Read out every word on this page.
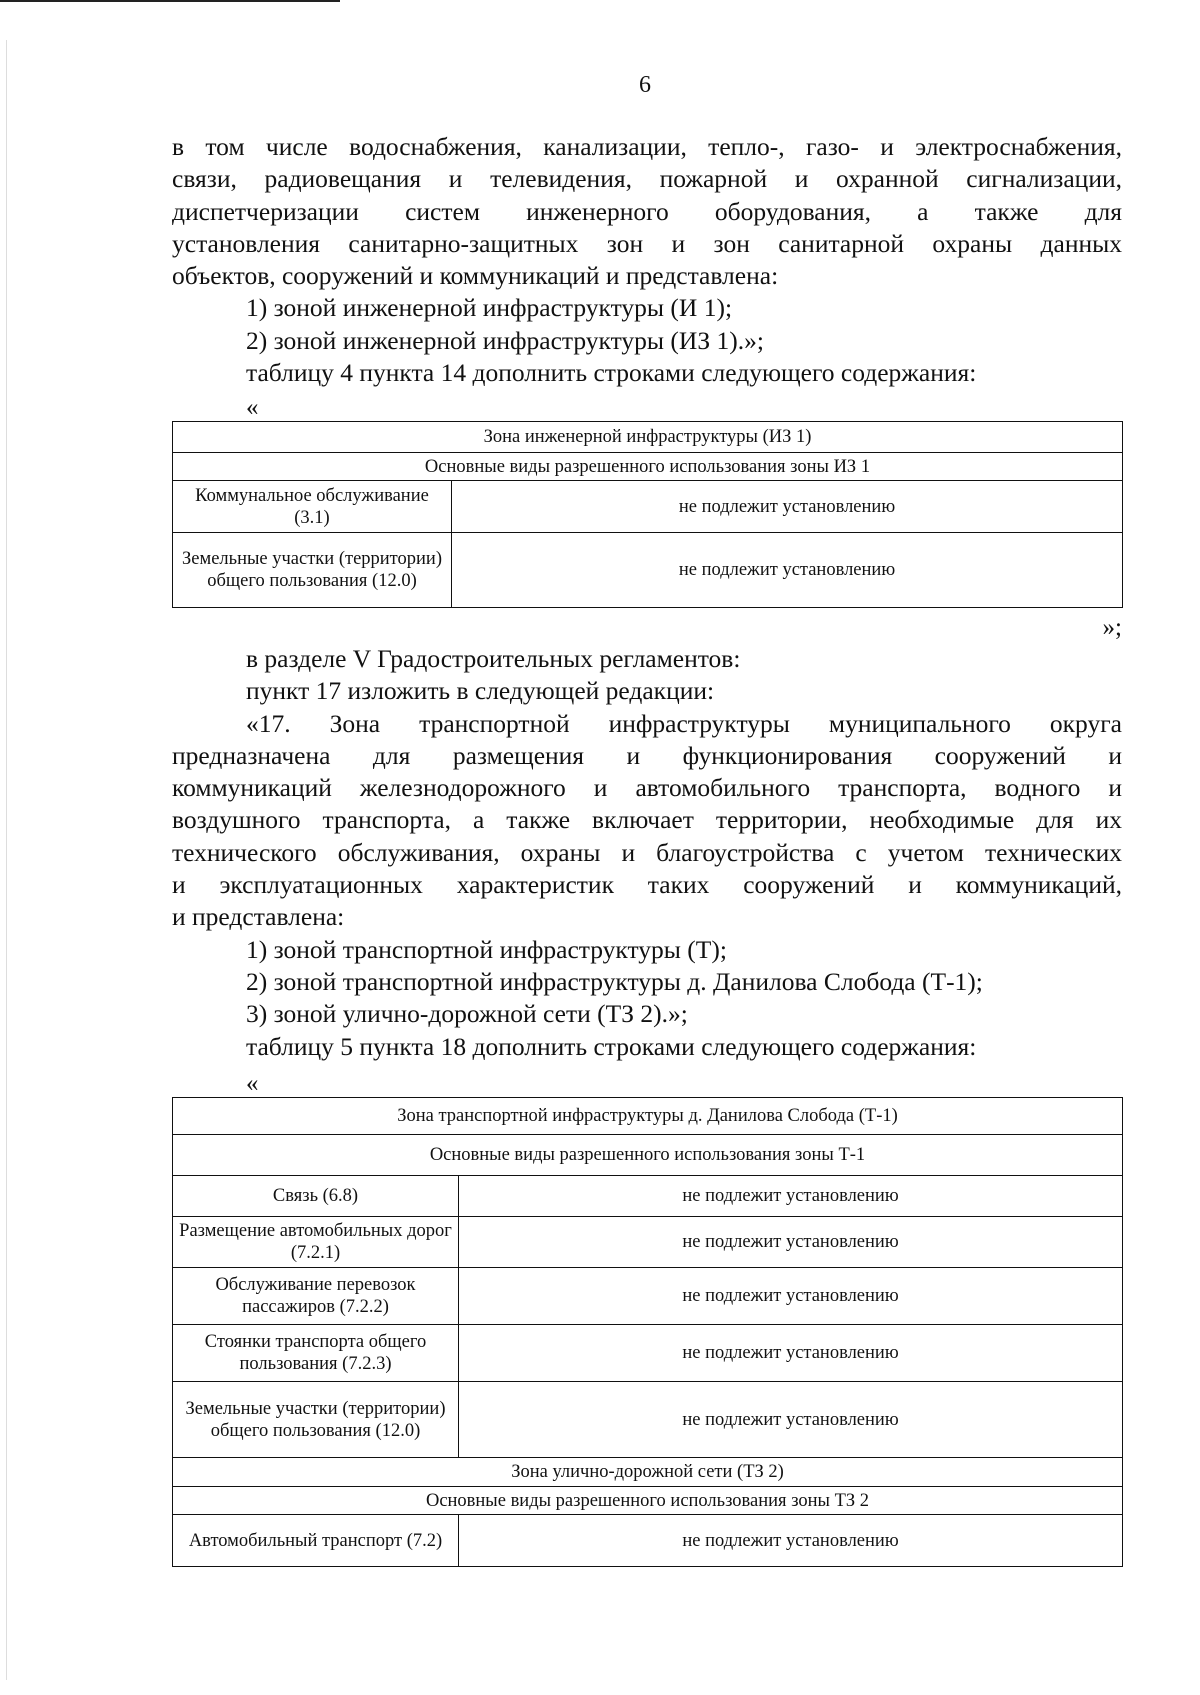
6

в том числе водоснабжения, канализации, тепло-, газо- и электроснабжения,

связи, радиовещания и телевидения, пожарной и охранной сигнализации,

диспетчеризации систем инженерного оборудования, а также для

установления санитарно-защитных зон и зон санитарной охраны данных

объектов, сооружений и коммуникаций и представлена:

1) зоной инженерной инфраструктуры (И 1);

2) зоной инженерной инфраструктуры (ИЗ 1).»;

таблицу 4 пункта 14 дополнить строками следующего содержания:

«
Зона инженерной инфраструктуры (ИЗ 1)	
Основные виды разрешенного использования зоны ИЗ 1	
Коммунальное обслуживание (3.1)	не подлежит установлению
Земельные участки (территории) общего пользования (12.0)	не подлежит установлению
»;

в разделе V Градостроительных регламентов:

пункт 17 изложить в следующей редакции:

«17. Зона транспортной инфраструктуры муниципального округа

предназначена для размещения и функционирования сооружений и

коммуникаций железнодорожного и автомобильного транспорта, водного и

воздушного транспорта, а также включает территории, необходимые для их

технического обслуживания, охраны и благоустройства с учетом технических

и эксплуатационных характеристик таких сооружений и коммуникаций,

и представлена:

1) зоной транспортной инфраструктуры (Т);

2) зоной транспортной инфраструктуры д. Данилова Слобода (Т-1);

3) зоной улично-дорожной сети (ТЗ 2).»;

таблицу 5 пункта 18 дополнить строками следующего содержания:

«
Зона транспортной инфраструктуры д. Данилова Слобода (Т-1)	
Основные виды разрешенного использования зоны Т-1	
Связь (6.8)	не подлежит установлению
Размещение автомобильных дорог (7.2.1)	не подлежит установлению
Обслуживание перевозок пассажиров (7.2.2)	не подлежит установлению
Стоянки транспорта общего пользования (7.2.3)	не подлежит установлению
Земельные участки (территории) общего пользования (12.0)	не подлежит установлению
Зона улично-дорожной сети (ТЗ 2)	
Основные виды разрешенного использования зоны ТЗ 2	
Автомобильный транспорт (7.2)	не подлежит установлению
